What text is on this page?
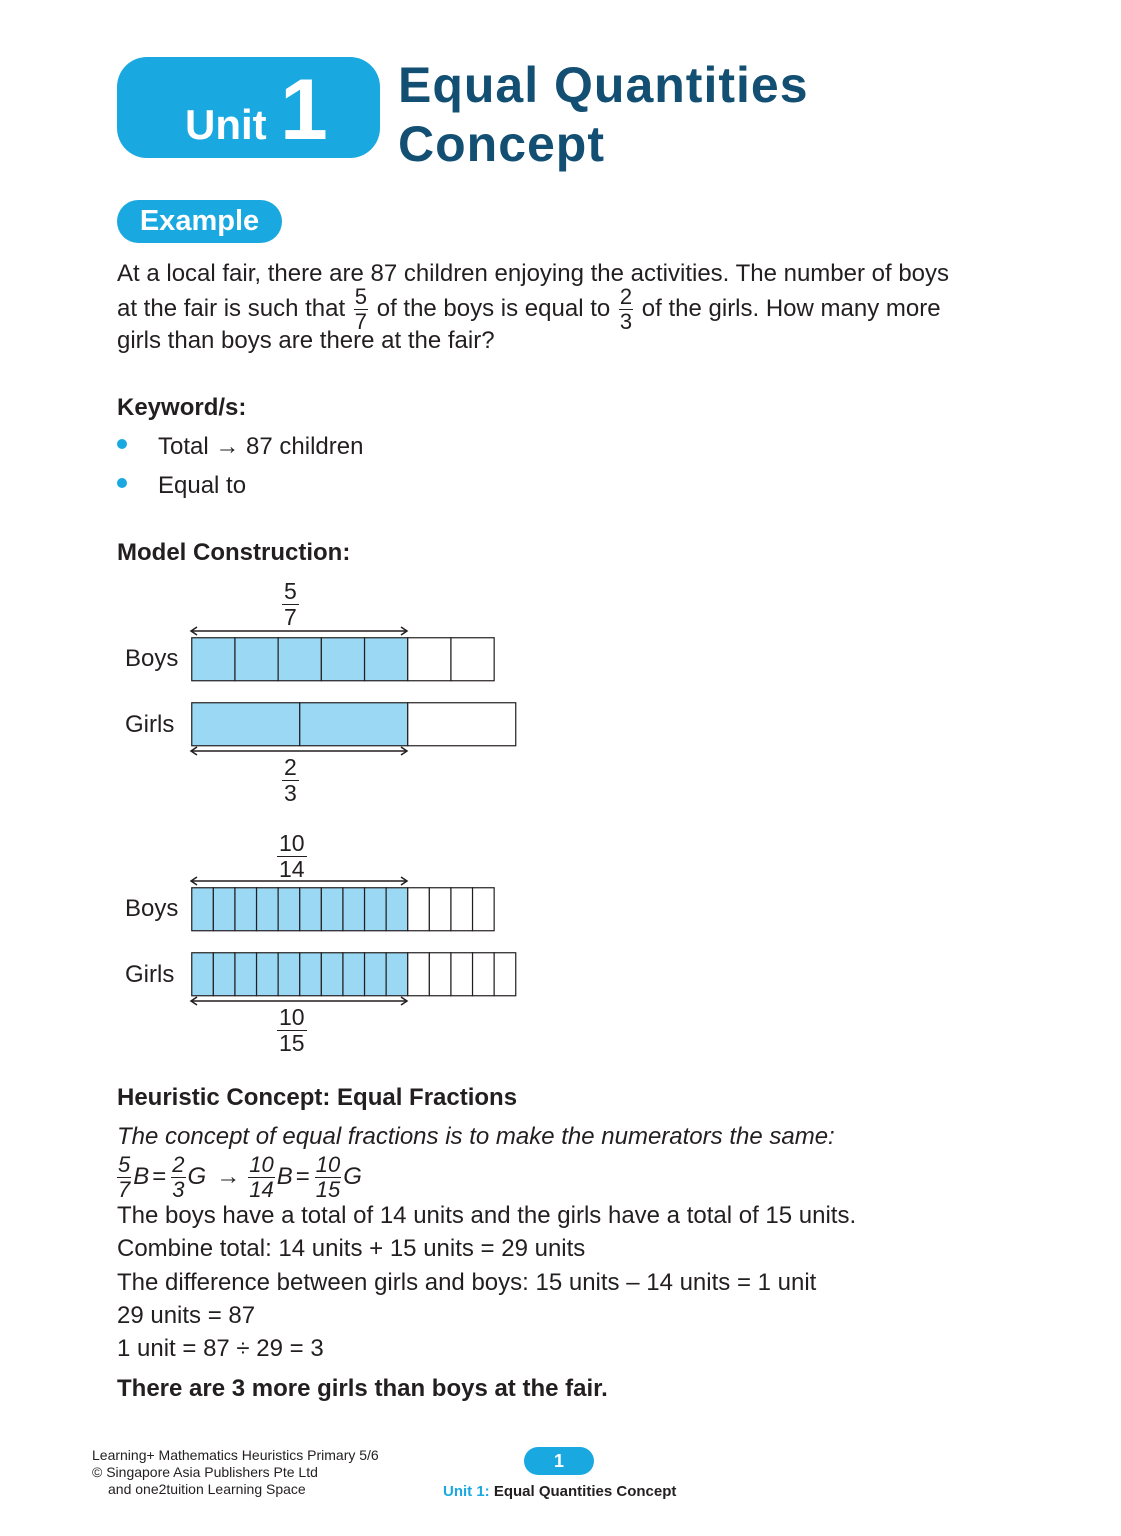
Unit 1 Equal Quantities
Concept
Example
At a local fair, there are 87 children enjoying the activities. The number of boys
at the fair is such that
$\frac{5}{7}$
of the boys is equal to
$\frac{2}{3}$
of the girls. How many more
girls than boys are there at the fair?
Keyword/s:
Total → 87 children
Equal to
Model Construction:
$\frac{5}{7}$
Boys
Girls
$\frac{2}{3}$
$\frac{10}{14}$
Boys
Girls
$\frac{10}{15}$
Heuristic Concept: Equal Fractions
The concept of equal fractions is to make the numerators the same:
$\frac{5}{7}$ $B = \frac{2}{3}$ $G \to \frac{10}{14}$ $B = \frac{10}{15}$ G
The boys have a total of 14 units and the girls have a total of 15 units.
Combine total: 14 units + 15 units = 29 units
The difference between girls and boys: 15 units – 14 units = 1 unit
29 units = 87
1 unit = 87 ÷ 29 = 3
There are 3 more girls than boys at the fair.
Learning+ Mathematics Heuristics Primary 5/6
© Singapore Asia Publishers Pte Ltd
and one2tuition Learning Space
1
Unit 1: Equal Quantities Concept
